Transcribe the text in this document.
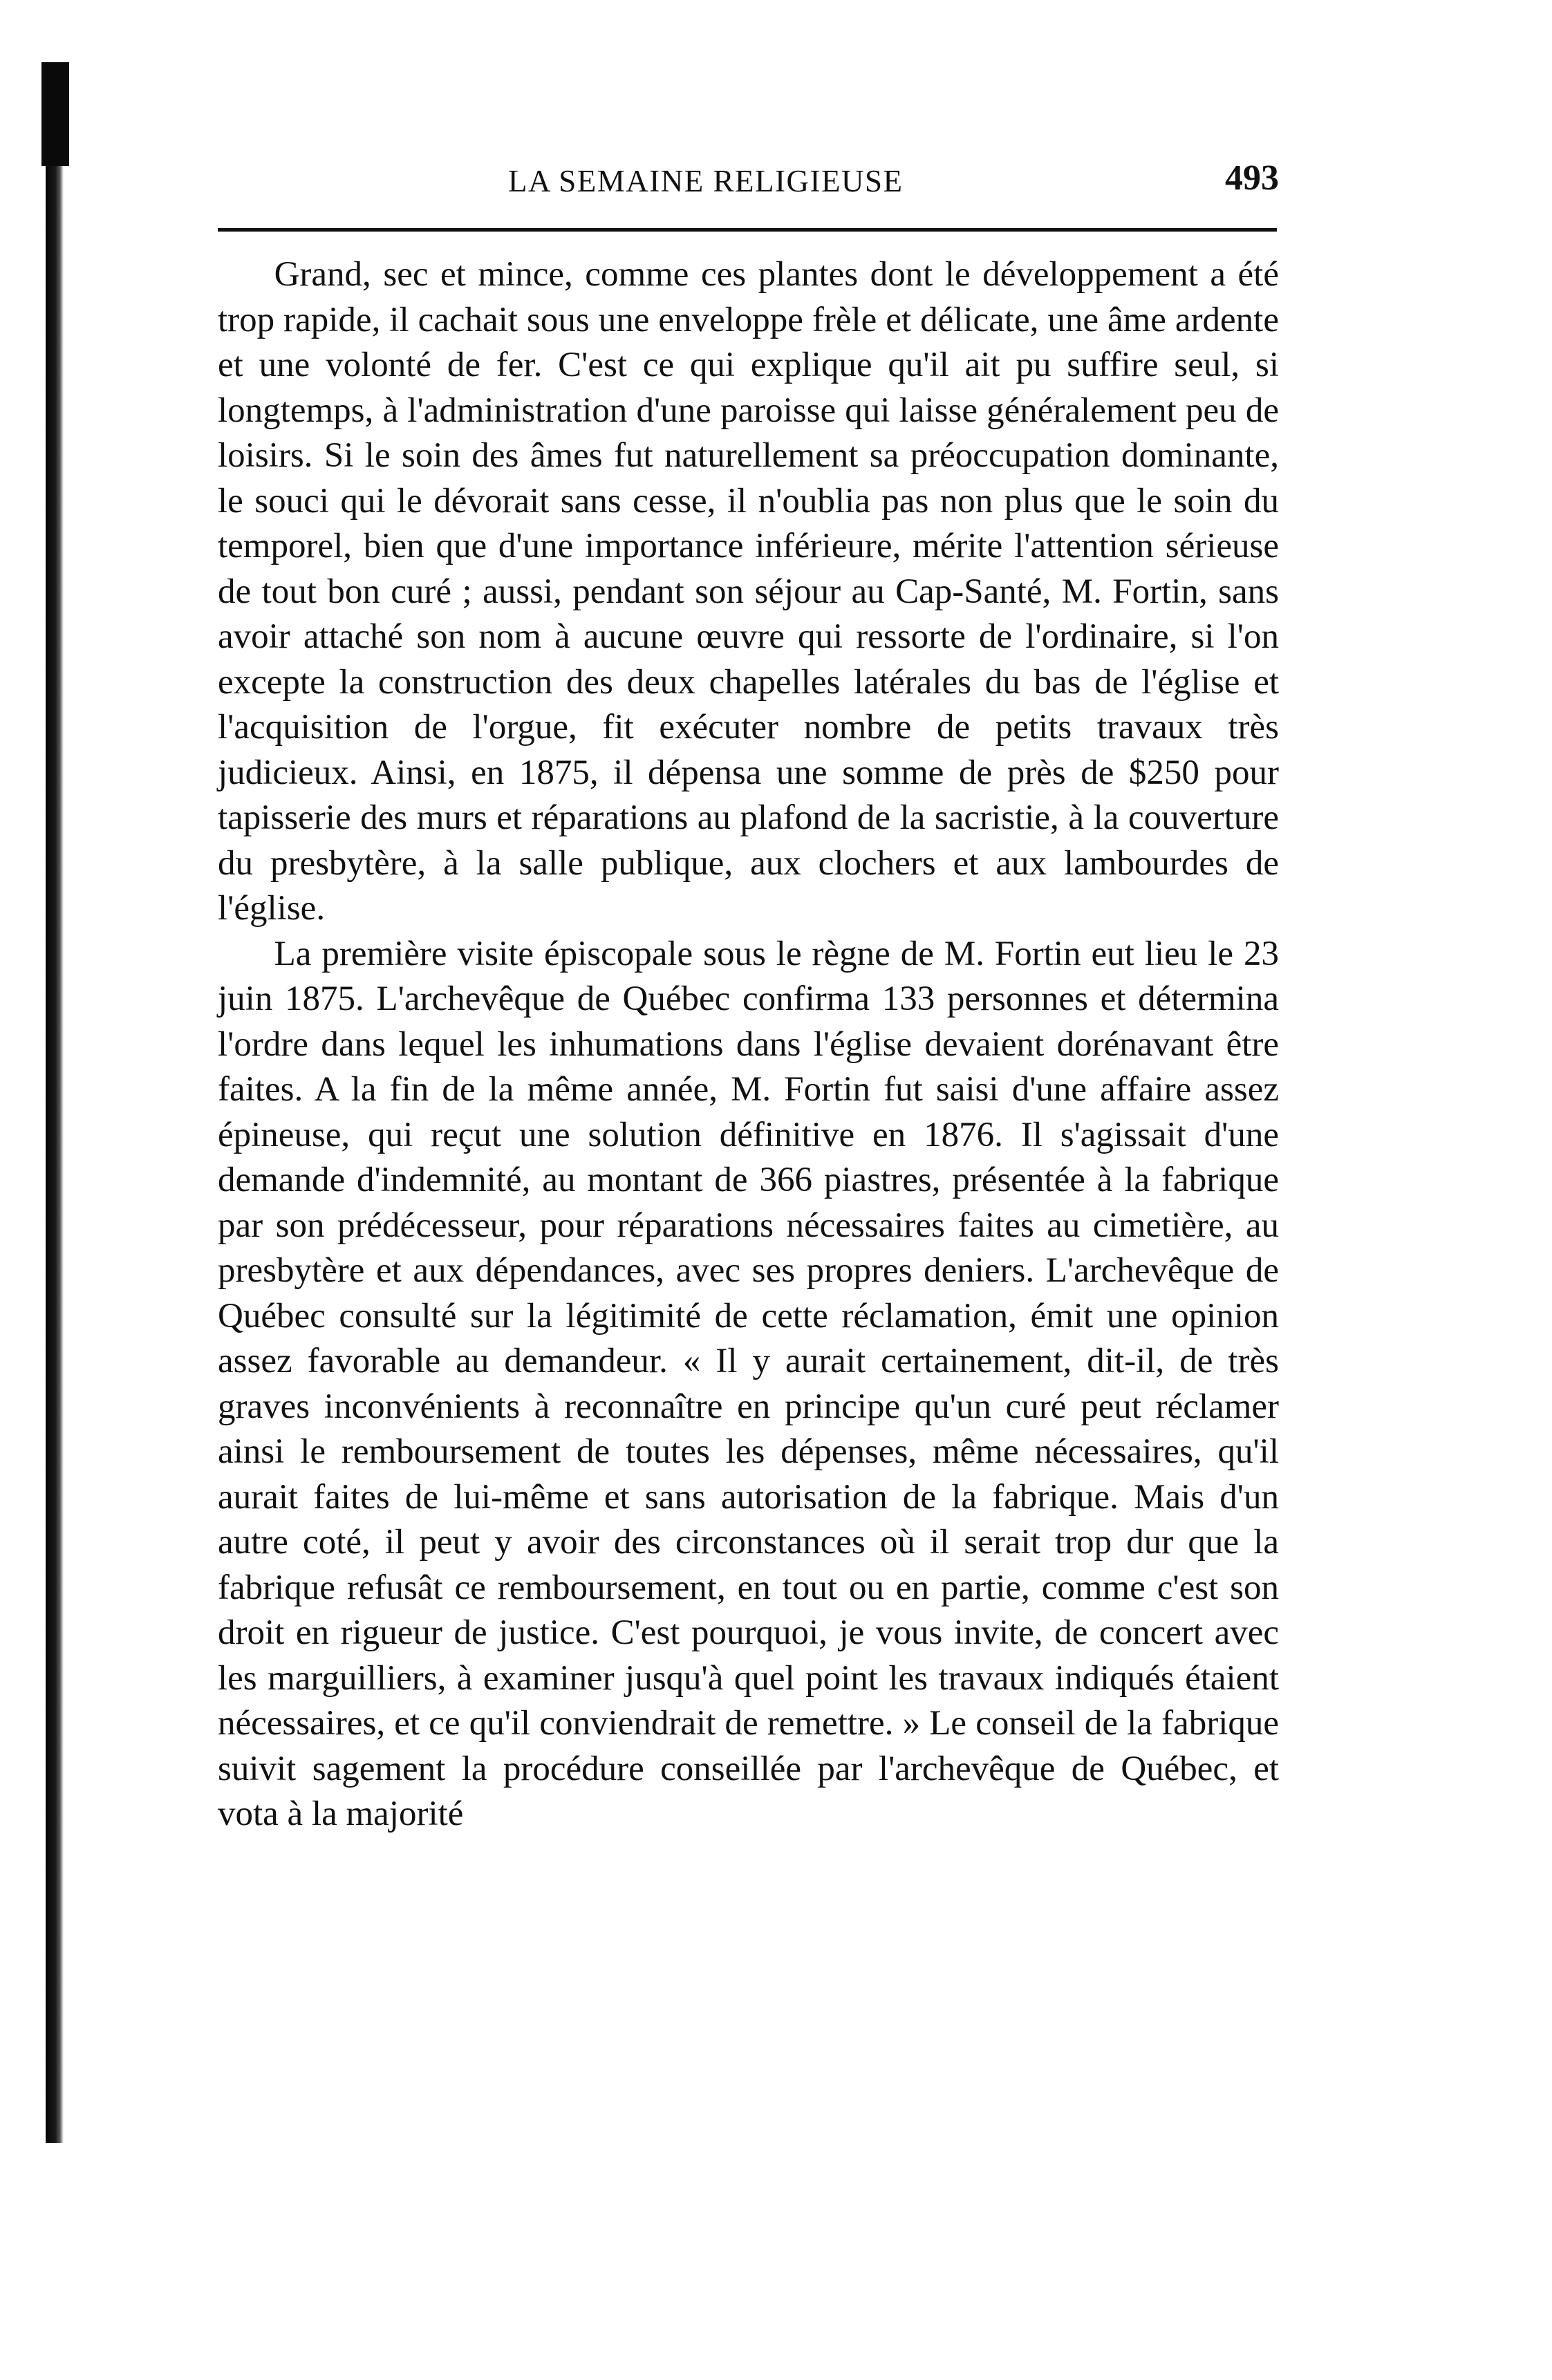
LA SEMAINE RELIGIEUSE	493

Grand, sec et mince, comme ces plantes dont le développement a été trop rapide, il cachait sous une enveloppe frèle et délicate, une âme ardente et une volonté de fer. C'est ce qui explique qu'il ait pu suffire seul, si longtemps, à l'administration d'une paroisse qui laisse généralement peu de loisirs. Si le soin des âmes fut naturellement sa préoccupation dominante, le souci qui le dévorait sans cesse, il n'oublia pas non plus que le soin du temporel, bien que d'une importance inférieure, mérite l'attention sérieuse de tout bon curé ; aussi, pendant son séjour au Cap-Santé, M. Fortin, sans avoir attaché son nom à aucune œuvre qui ressorte de l'ordinaire, si l'on excepte la construction des deux chapelles latérales du bas de l'église et l'acquisition de l'orgue, fit exécuter nombre de petits travaux très judicieux. Ainsi, en 1875, il dépensa une somme de près de $250 pour tapisserie des murs et réparations au plafond de la sacristie, à la couverture du presbytère, à la salle publique, aux clochers et aux lambourdes de l'église.

La première visite épiscopale sous le règne de M. Fortin eut lieu le 23 juin 1875. L'archevêque de Québec confirma 133 personnes et détermina l'ordre dans lequel les inhumations dans l'église devaient dorénavant être faites. A la fin de la même année, M. Fortin fut saisi d'une affaire assez épineuse, qui reçut une solution définitive en 1876. Il s'agissait d'une demande d'indemnité, au montant de 366 piastres, présentée à la fabrique par son prédécesseur, pour réparations nécessaires faites au cimetière, au presbytère et aux dépendances, avec ses propres deniers. L'archevêque de Québec consulté sur la légitimité de cette réclamation, émit une opinion assez favorable au demandeur. « Il y aurait certainement, dit-il, de très graves inconvénients à reconnaître en principe qu'un curé peut réclamer ainsi le remboursement de toutes les dépenses, même nécessaires, qu'il aurait faites de lui-même et sans autorisation de la fabrique. Mais d'un autre coté, il peut y avoir des circonstances où il serait trop dur que la fabrique refusât ce remboursement, en tout ou en partie, comme c'est son droit en rigueur de justice. C'est pourquoi, je vous invite, de concert avec les marguilliers, à examiner jusqu'à quel point les travaux indiqués étaient nécessaires, et ce qu'il conviendrait de remettre. » Le conseil de la fabrique suivit sagement la procédure conseillée par l'archevêque de Québec, et vota à la majorité
